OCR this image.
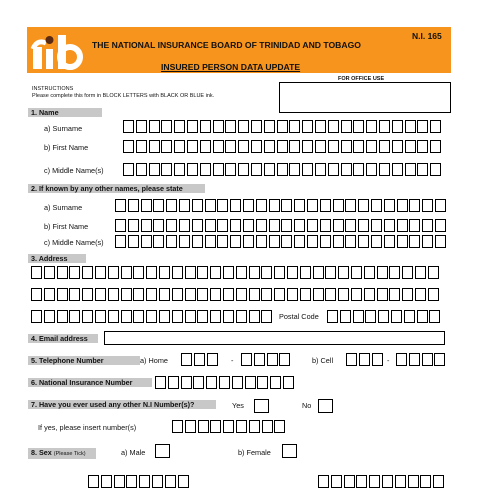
THE NATIONAL INSURANCE BOARD OF TRINIDAD AND TOBAGO
N.I. 165
INSURED PERSON DATA UPDATE
FOR OFFICE USE
INSTRUCTIONS
Please complete this form in BLOCK LETTERS with BLACK OR BLUE ink.
1. Name
a) Surname
b) First Name
c) Middle Name(s)
2. If known by any other names, please state
a) Surname
b) First Name
c) Middle Name(s)
3. Address
Postal Code
4. Email address
5. Telephone Number	a) Home	-	b) Cell	-
6. National Insurance Number
7. Have you ever used any other N.I Number(s)?	Yes	No
If yes, please insert number(s)
8. Sex (Please Tick)	a) Male	b) Female
